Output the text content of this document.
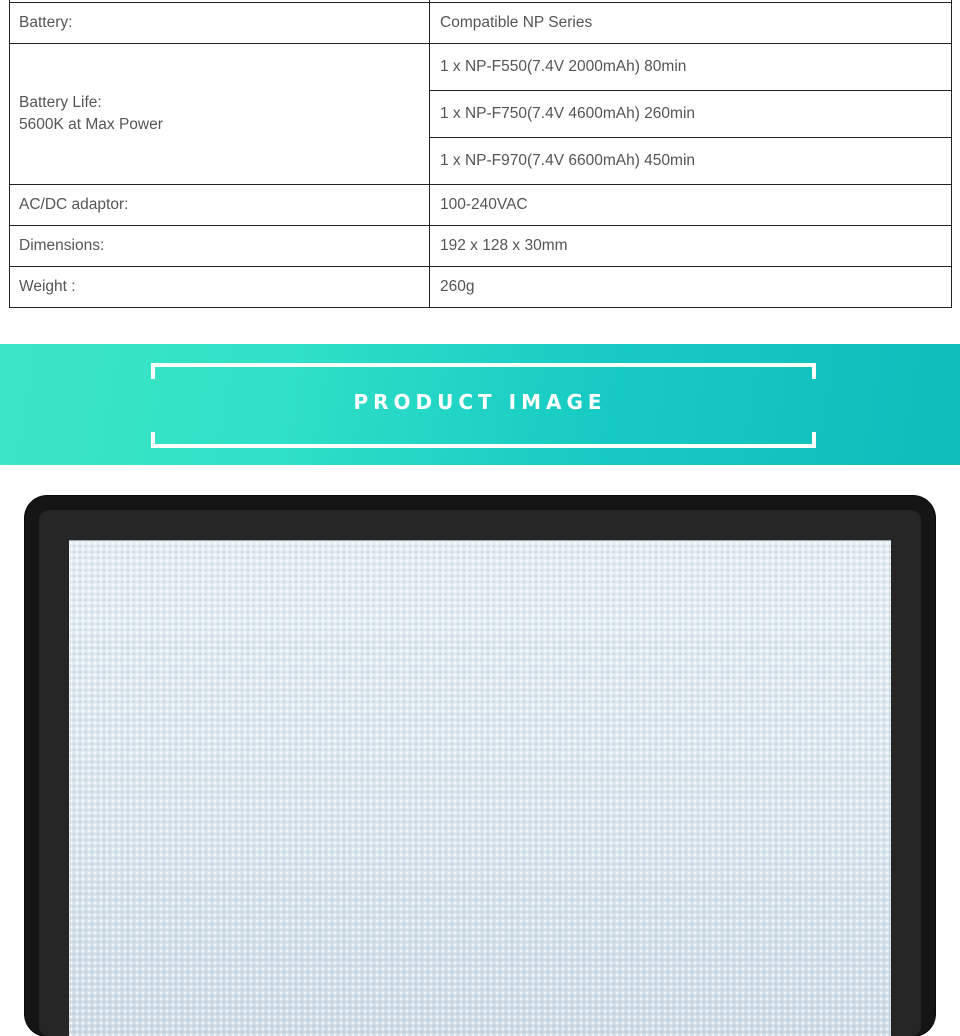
Battery:	Compatible NP Series

Battery Life:
5600K at Max Power	1 x NP-F550(7.4V 2000mAh) 80min
	1 x NP-F750(7.4V 4600mAh) 260min
	1 x NP-F970(7.4V 6600mAh) 450min
AC/DC adaptor:	100-240VAC
Dimensions:	192 x 128 x 30mm
Weight :	260g
PRODUCT IMAGE
